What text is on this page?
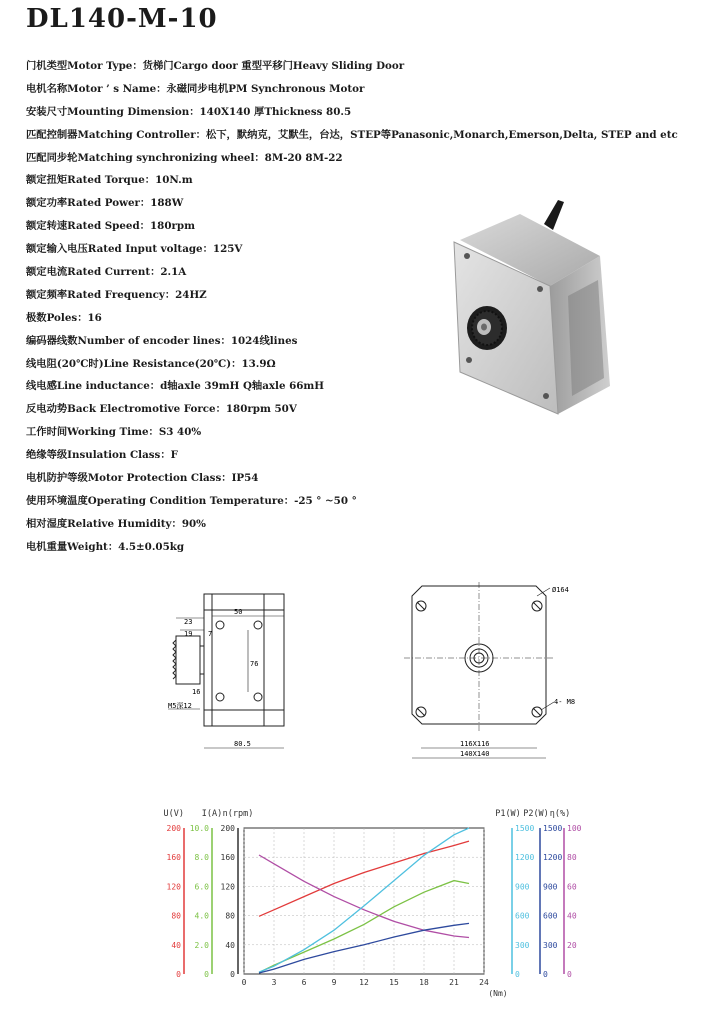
DL140-M-10
门机类型Motor Type：货梯门Cargo door 重型平移门Heavy Sliding Door
电机名称Motor ’ s Name：永磁同步电机PM Synchronous Motor
安装尺寸Mounting Dimension：140X140 厚Thickness 80.5
匹配控制器Matching Controller：松下，默纳克，艾默生，台达，STEP等Panasonic,Monarch,Emerson,Delta, STEP and etc
匹配同步轮Matching synchronizing wheel：8M-20 8M-22
额定扭矩Rated Torque：10N.m
额定功率Rated Power：188W
额定转速Rated Speed：180rpm
额定输入电压Rated Input voltage：125V
额定电流Rated Current：2.1A
额定频率Rated Frequency：24HZ
极数Poles：16
编码器线数Number of encoder lines：1024线lines
线电阻(20℃时)Line Resistance(20℃)：13.9Ω
线电感Line inductance：d轴axle 39mH Q轴axle 66mH
反电动势Back Electromotive Force：180rpm 50V
工作时间Working Time：S3 40%
绝缘等级Insulation Class：F
电机防护等级Motor Protection Class：IP54
使用环境温度Operating Condition Temperature：-25 ° ~50 °
相对湿度Relative Humidity：90%
电机重量Weight：4.5±0.05kg
50
23
19 7
76
16
M5深12
80.5
Ø164
4- M8
116X116
140X140
0	3	6	9	12	15	18	21	24
(Nm)
U(V)
0
40
80
120
160
200
I(A)
0
2.0
4.0
6.0
8.0
10.0
n(rpm)
0
40
80
120
160
200
P1(W)
0
300
600
900
1200
1500
P2(W)
0
300
600
900
1200
1500
η(%)
0
20
40
60
80
100
